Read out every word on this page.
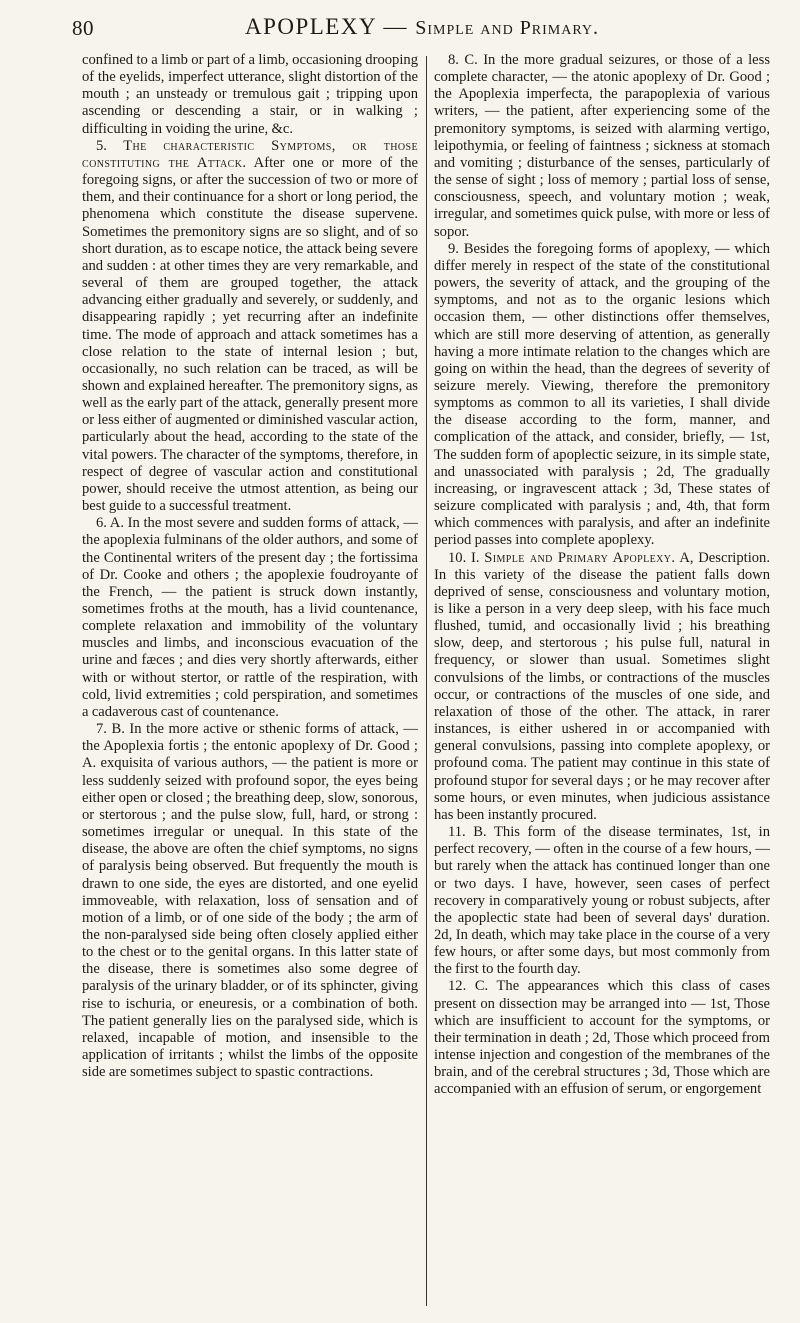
80	APOPLEXY — Simple and Primary.

confined to a limb or part of a limb, occasioning drooping of the eyelids, imperfect utterance, slight distortion of the mouth ; an unsteady or tremulous gait ; tripping upon ascending or descending a stair, or in walking ; difficulting in voiding the urine, &c.

5. The characteristic Symptoms, or those constituting the Attack. After one or more of the foregoing signs, or after the succession of two or more of them, and their continuance for a short or long period, the phenomena which constitute the disease supervene. Sometimes the premonitory signs are so slight, and of so short duration, as to escape notice, the attack being severe and sudden : at other times they are very remarkable, and several of them are grouped together, the attack advancing either gradually and severely, or suddenly, and disappearing rapidly ; yet recurring after an indefinite time. The mode of approach and attack sometimes has a close relation to the state of internal lesion ; but, occasionally, no such relation can be traced, as will be shown and explained hereafter. The premonitory signs, as well as the early part of the attack, generally present more or less either of augmented or diminished vascular action, particularly about the head, according to the state of the vital powers. The character of the symptoms, therefore, in respect of degree of vascular action and constitutional power, should receive the utmost attention, as being our best guide to a successful treatment.

6. A. In the most severe and sudden forms of attack, — the apoplexia fulminans of the older authors, and some of the Continental writers of the present day ; the fortissima of Dr. Cooke and others ; the apoplexie foudroyante of the French, — the patient is struck down instantly, sometimes froths at the mouth, has a livid countenance, complete relaxation and immobility of the voluntary muscles and limbs, and inconscious evacuation of the urine and fæces ; and dies very shortly afterwards, either with or without stertor, or rattle of the respiration, with cold, livid extremities ; cold perspiration, and sometimes a cadaverous cast of countenance.

7. B. In the more active or sthenic forms of attack, — the Apoplexia fortis ; the entonic apoplexy of Dr. Good ; A. exquisita of various authors, — the patient is more or less suddenly seized with profound sopor, the eyes being either open or closed ; the breathing deep, slow, sonorous, or stertorous ; and the pulse slow, full, hard, or strong : sometimes irregular or unequal. In this state of the disease, the above are often the chief symptoms, no signs of paralysis being observed. But frequently the mouth is drawn to one side, the eyes are distorted, and one eyelid immoveable, with relaxation, loss of sensation and of motion of a limb, or of one side of the body ; the arm of the non-paralysed side being often closely applied either to the chest or to the genital organs. In this latter state of the disease, there is sometimes also some degree of paralysis of the urinary bladder, or of its sphincter, giving rise to ischuria, or eneuresis, or a combination of both. The patient generally lies on the paralysed side, which is relaxed, incapable of motion, and insensible to the application of irritants ; whilst the limbs of the opposite side are sometimes subject to spastic contractions.

8. C. In the more gradual seizures, or those of a less complete character, — the atonic apoplexy of Dr. Good ; the Apoplexia imperfecta, the parapoplexia of various writers, — the patient, after experiencing some of the premonitory symptoms, is seized with alarming vertigo, leipothymia, or feeling of faintness ; sickness at stomach and vomiting ; disturbance of the senses, particularly of the sense of sight ; loss of memory ; partial loss of sense, consciousness, speech, and voluntary motion ; weak, irregular, and sometimes quick pulse, with more or less of sopor.

9. Besides the foregoing forms of apoplexy, — which differ merely in respect of the state of the constitutional powers, the severity of attack, and the grouping of the symptoms, and not as to the organic lesions which occasion them, — other distinctions offer themselves, which are still more deserving of attention, as generally having a more intimate relation to the changes which are going on within the head, than the degrees of severity of seizure merely. Viewing, therefore the premonitory symptoms as common to all its varieties, I shall divide the disease according to the form, manner, and complication of the attack, and consider, briefly, — 1st, The sudden form of apoplectic seizure, in its simple state, and unassociated with paralysis ; 2d, The gradually increasing, or ingravescent attack ; 3d, These states of seizure complicated with paralysis ; and, 4th, that form which commences with paralysis, and after an indefinite period passes into complete apoplexy.

10. I. Simple and Primary Apoplexy. A, Description. In this variety of the disease the patient falls down deprived of sense, consciousness and voluntary motion, is like a person in a very deep sleep, with his face much flushed, tumid, and occasionally livid ; his breathing slow, deep, and stertorous ; his pulse full, natural in frequency, or slower than usual. Sometimes slight convulsions of the limbs, or contractions of the muscles occur, or contractions of the muscles of one side, and relaxation of those of the other. The attack, in rarer instances, is either ushered in or accompanied with general convulsions, passing into complete apoplexy, or profound coma. The patient may continue in this state of profound stupor for several days ; or he may recover after some hours, or even minutes, when judicious assistance has been instantly procured.

11. B. This form of the disease terminates, 1st, in perfect recovery, — often in the course of a few hours, — but rarely when the attack has continued longer than one or two days. I have, however, seen cases of perfect recovery in comparatively young or robust subjects, after the apoplectic state had been of several days' duration. 2d, In death, which may take place in the course of a very few hours, or after some days, but most commonly from the first to the fourth day.

12. C. The appearances which this class of cases present on dissection may be arranged into — 1st, Those which are insufficient to account for the symptoms, or their termination in death ; 2d, Those which proceed from intense injection and congestion of the membranes of the brain, and of the cerebral structures ; 3d, Those which are accompanied with an effusion of serum, or engorgement
